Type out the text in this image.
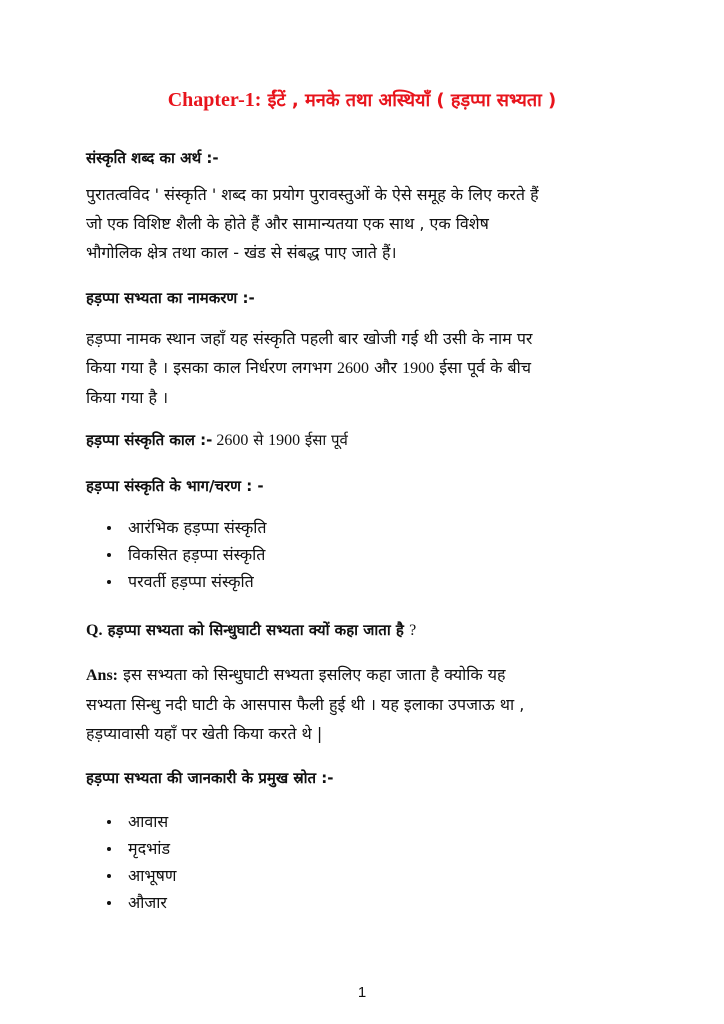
Chapter-1: ईंटें , मनके तथा अस्थियाँ ( हड़प्पा सभ्यता )
संस्कृति शब्द का अर्थ :-
पुरातत्वविद ' संस्कृति ' शब्द का प्रयोग पुरावस्तुओं के ऐसे समूह के लिए करते हैं
जो एक विशिष्ट शैली के होते हैं और सामान्यतया एक साथ , एक विशेष
भौगोलिक क्षेत्र तथा काल - खंड से संबद्ध पाए जाते हैं।
हड़प्पा सभ्यता का नामकरण :-
हड़प्पा नामक स्थान जहाँ यह संस्कृति पहली बार खोजी गई थी उसी के नाम पर
किया गया है । इसका काल निर्धरण लगभग 2600 और 1900 ईसा पूर्व के बीच
किया गया है ।
हड़प्पा संस्कृति काल :- 2600 से 1900 ईसा पूर्व
हड़प्पा संस्कृति के भाग/चरण : -
आरंभिक हड़प्पा संस्कृति
विकसित हड़प्पा संस्कृति
परवर्ती हड़प्पा संस्कृति
Q. हड़प्पा सभ्यता को सिन्धुघाटी सभ्यता क्यों कहा जाता है ?
Ans: इस सभ्यता को सिन्धुघाटी सभ्यता इसलिए कहा जाता है क्योकि यह
सभ्यता सिन्धु नदी घाटी के आसपास फैली हुई थी । यह इलाका उपजाऊ था ,
हड़प्यावासी यहाँ पर खेती किया करते थे |
हड़प्पा सभ्यता की जानकारी के प्रमुख स्रोत :-
आवास
मृदभांड
आभूषण
औजार
1
